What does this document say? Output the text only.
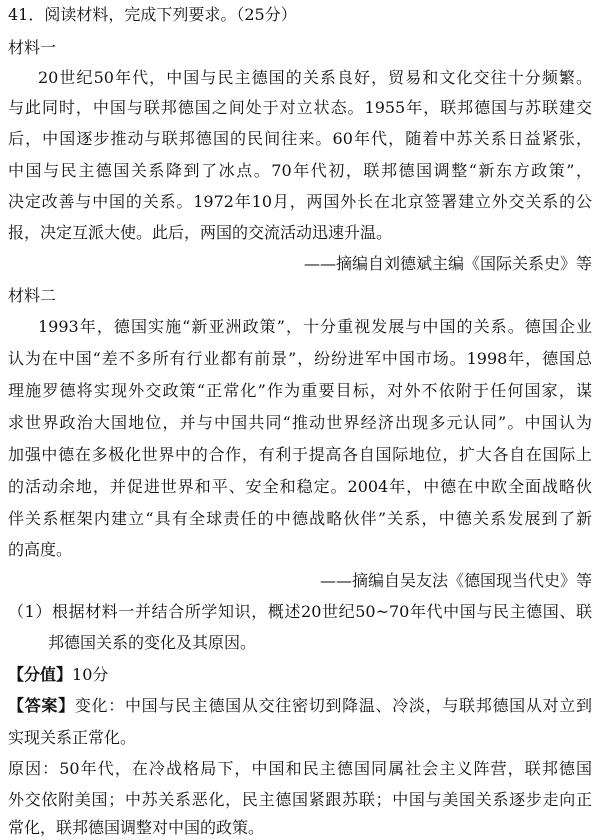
41．阅读材料，完成下列要求。（25分）
材料一
20世纪50年代，中国与民主德国的关系良好，贸易和文化交往十分频繁。
与此同时，中国与联邦德国之间处于对立状态。1955年，联邦德国与苏联建交
后，中国逐步推动与联邦德国的民间往来。60年代，随着中苏关系日益紧张，
中国与民主德国关系降到了冰点。70年代初，联邦德国调整“新东方政策”，
决定改善与中国的关系。1972年10月，两国外长在北京签署建立外交关系的公
报，决定互派大使。此后，两国的交流活动迅速升温。
——摘编自刘德斌主编《国际关系史》等
材料二
1993年，德国实施“新亚洲政策”，十分重视发展与中国的关系。德国企业
认为在中国“差不多所有行业都有前景”，纷纷进军中国市场。1998年，德国总
理施罗德将实现外交政策“正常化”作为重要目标，对外不依附于任何国家，谋
求世界政治大国地位，并与中国共同“推动世界经济出现多元认同”。中国认为
加强中德在多极化世界中的合作，有利于提高各自国际地位，扩大各自在国际上
的活动余地，并促进世界和平、安全和稳定。2004年，中德在中欧全面战略伙
伴关系框架内建立“具有全球责任的中德战略伙伴”关系，中德关系发展到了新
的高度。
——摘编自吴友法《德国现当代史》等
（1）根据材料一并结合所学知识，概述20世纪50~70年代中国与民主德国、联
邦德国关系的变化及其原因。
【分值】10分
【答案】变化：中国与民主德国从交往密切到降温、冷淡，与联邦德国从对立到
实现关系正常化。
原因：50年代，在冷战格局下，中国和民主德国同属社会主义阵营，联邦德国
外交依附美国；中苏关系恶化，民主德国紧跟苏联；中国与美国关系逐步走向正
常化，联邦德国调整对中国的政策。
